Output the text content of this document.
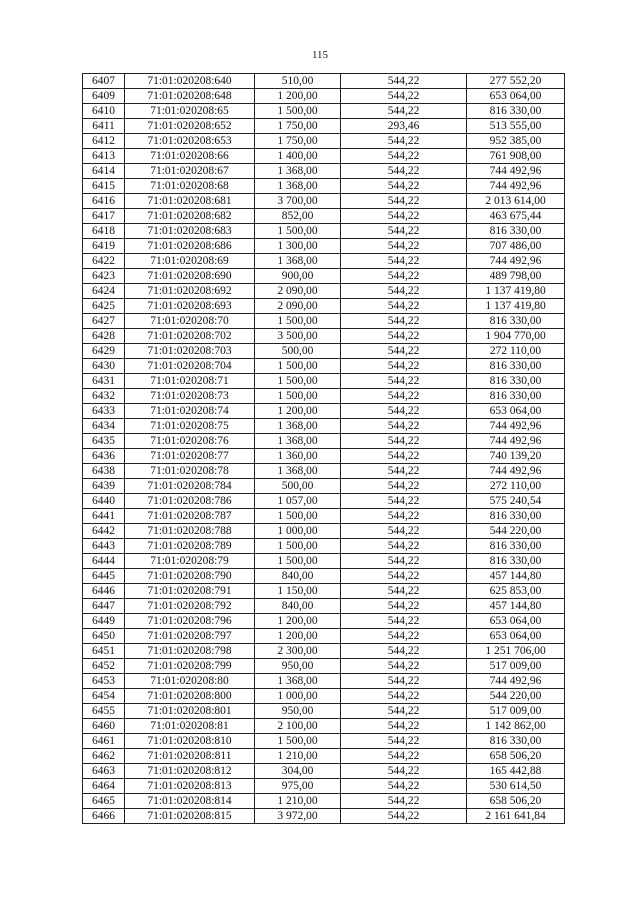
115
6407	71:01:020208:640	510,00	544,22	277 552,20
6409	71:01:020208:648	1 200,00	544,22	653 064,00
6410	71:01:020208:65	1 500,00	544,22	816 330,00
6411	71:01:020208:652	1 750,00	293,46	513 555,00
6412	71:01:020208:653	1 750,00	544,22	952 385,00
6413	71:01:020208:66	1 400,00	544,22	761 908,00
6414	71:01:020208:67	1 368,00	544,22	744 492,96
6415	71:01:020208:68	1 368,00	544,22	744 492,96
6416	71:01:020208:681	3 700,00	544,22	2 013 614,00
6417	71:01:020208:682	852,00	544,22	463 675,44
6418	71:01:020208:683	1 500,00	544,22	816 330,00
6419	71:01:020208:686	1 300,00	544,22	707 486,00
6422	71:01:020208:69	1 368,00	544,22	744 492,96
6423	71:01:020208:690	900,00	544,22	489 798,00
6424	71:01:020208:692	2 090,00	544,22	1 137 419,80
6425	71:01:020208:693	2 090,00	544,22	1 137 419,80
6427	71:01:020208:70	1 500,00	544,22	816 330,00
6428	71:01:020208:702	3 500,00	544,22	1 904 770,00
6429	71:01:020208:703	500,00	544,22	272 110,00
6430	71:01:020208:704	1 500,00	544,22	816 330,00
6431	71:01:020208:71	1 500,00	544,22	816 330,00
6432	71:01:020208:73	1 500,00	544,22	816 330,00
6433	71:01:020208:74	1 200,00	544,22	653 064,00
6434	71:01:020208:75	1 368,00	544,22	744 492,96
6435	71:01:020208:76	1 368,00	544,22	744 492,96
6436	71:01:020208:77	1 360,00	544,22	740 139,20
6438	71:01:020208:78	1 368,00	544,22	744 492,96
6439	71:01:020208:784	500,00	544,22	272 110,00
6440	71:01:020208:786	1 057,00	544,22	575 240,54
6441	71:01:020208:787	1 500,00	544,22	816 330,00
6442	71:01:020208:788	1 000,00	544,22	544 220,00
6443	71:01:020208:789	1 500,00	544,22	816 330,00
6444	71:01:020208:79	1 500,00	544,22	816 330,00
6445	71:01:020208:790	840,00	544,22	457 144,80
6446	71:01:020208:791	1 150,00	544,22	625 853,00
6447	71:01:020208:792	840,00	544,22	457 144,80
6449	71:01:020208:796	1 200,00	544,22	653 064,00
6450	71:01:020208:797	1 200,00	544,22	653 064,00
6451	71:01:020208:798	2 300,00	544,22	1 251 706,00
6452	71:01:020208:799	950,00	544,22	517 009,00
6453	71:01:020208:80	1 368,00	544,22	744 492,96
6454	71:01:020208:800	1 000,00	544,22	544 220,00
6455	71:01:020208:801	950,00	544,22	517 009,00
6460	71:01:020208:81	2 100,00	544,22	1 142 862,00
6461	71:01:020208:810	1 500,00	544,22	816 330,00
6462	71:01:020208:811	1 210,00	544,22	658 506,20
6463	71:01:020208:812	304,00	544,22	165 442,88
6464	71:01:020208:813	975,00	544,22	530 614,50
6465	71:01:020208:814	1 210,00	544,22	658 506,20
6466	71:01:020208:815	3 972,00	544,22	2 161 641,84
